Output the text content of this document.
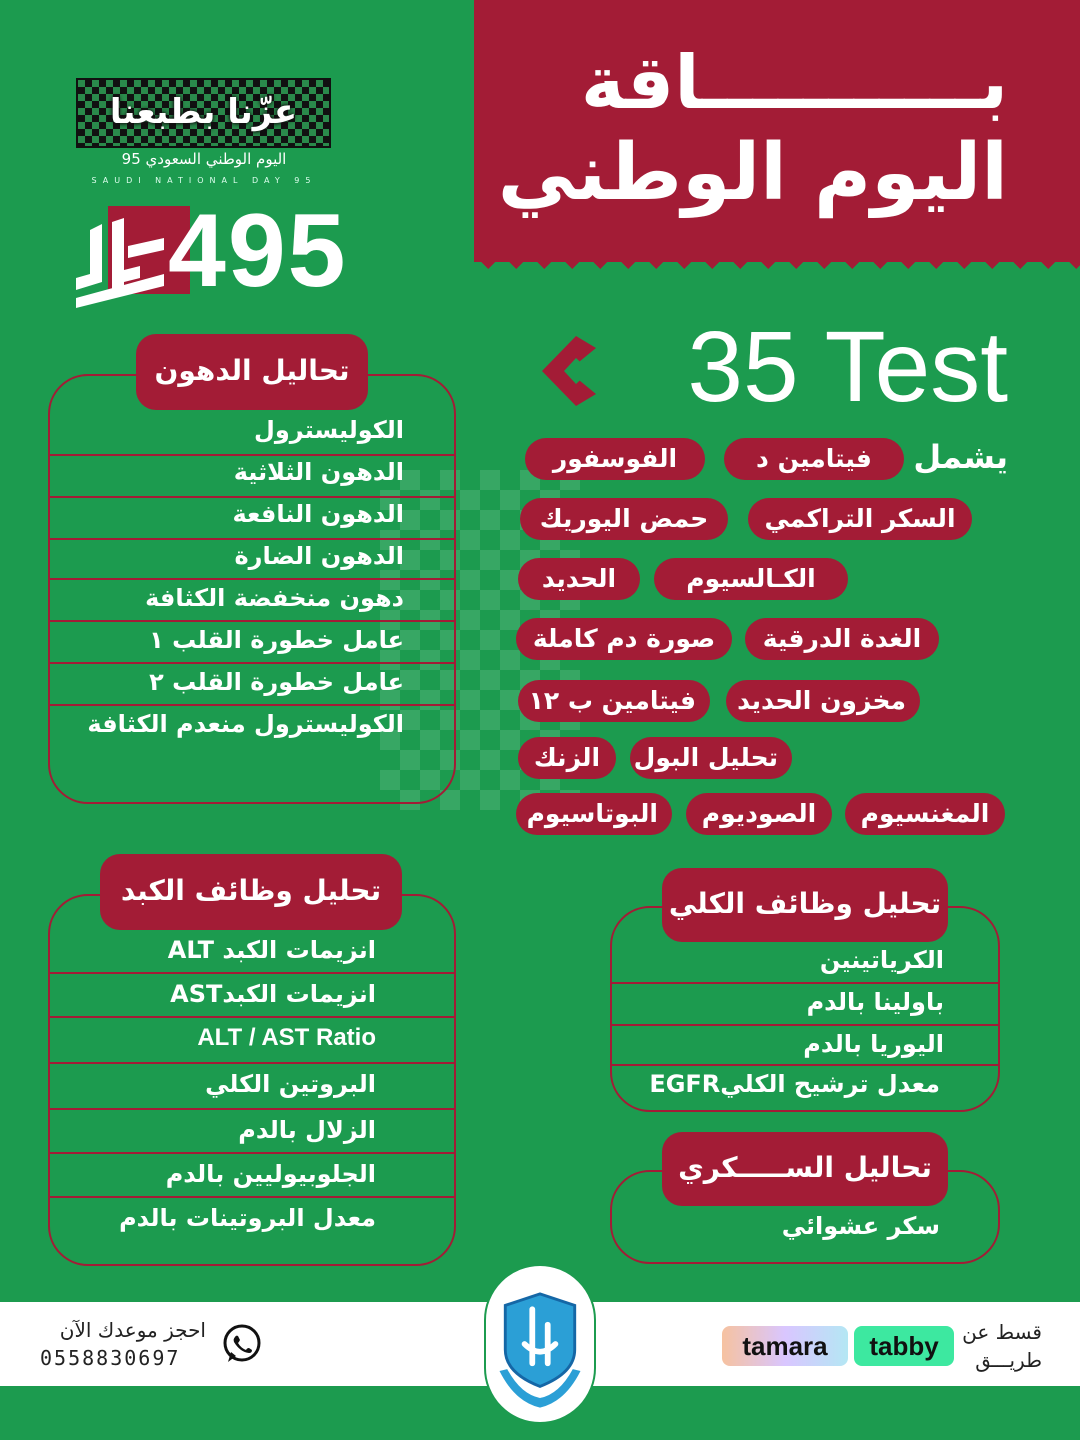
بـــــــــــاقة
اليوم الوطني
عزّنا بطبعنا
اليوم الوطني السعودي 95
SAUDI NATIONAL DAY 95
495
35 Test
يشمل
فيتامين د
الفوسفور
السكر التراكمي
حمض اليوريك
الكـالسيوم
الحديد
الغدة الدرقية
صورة دم كاملة
مخزون الحديد
فيتامين ب ١٢
تحليل البول
الزنك
المغنسيوم
الصوديوم
البوتاسيوم
تحاليل الدهون
الكوليسترول
الدهون الثلاثية
الدهون النافعة
الدهون الضارة
دهون منخفضة الكثافة
عامل خطورة القلب ١
عامل خطورة القلب ٢
الكوليسترول منعدم الكثافة
تحليل وظائف الكبد
انزيمات الكبد ALT
انزيمات الكبدAST
ALT / AST Ratio
البروتين الكلي
الزلال بالدم
الجلوبيوليين بالدم
معدل البروتينات بالدم
تحليل وظائف الكلي
الكرياتينين
باولينا بالدم
اليوريا بالدم
معدل ترشيح الكليEGFR
تحاليل الســـــكري
سكر عشوائي
احجز موعدك الآن
0558830697	tamara	tabby	قسط عن
طريـــق
